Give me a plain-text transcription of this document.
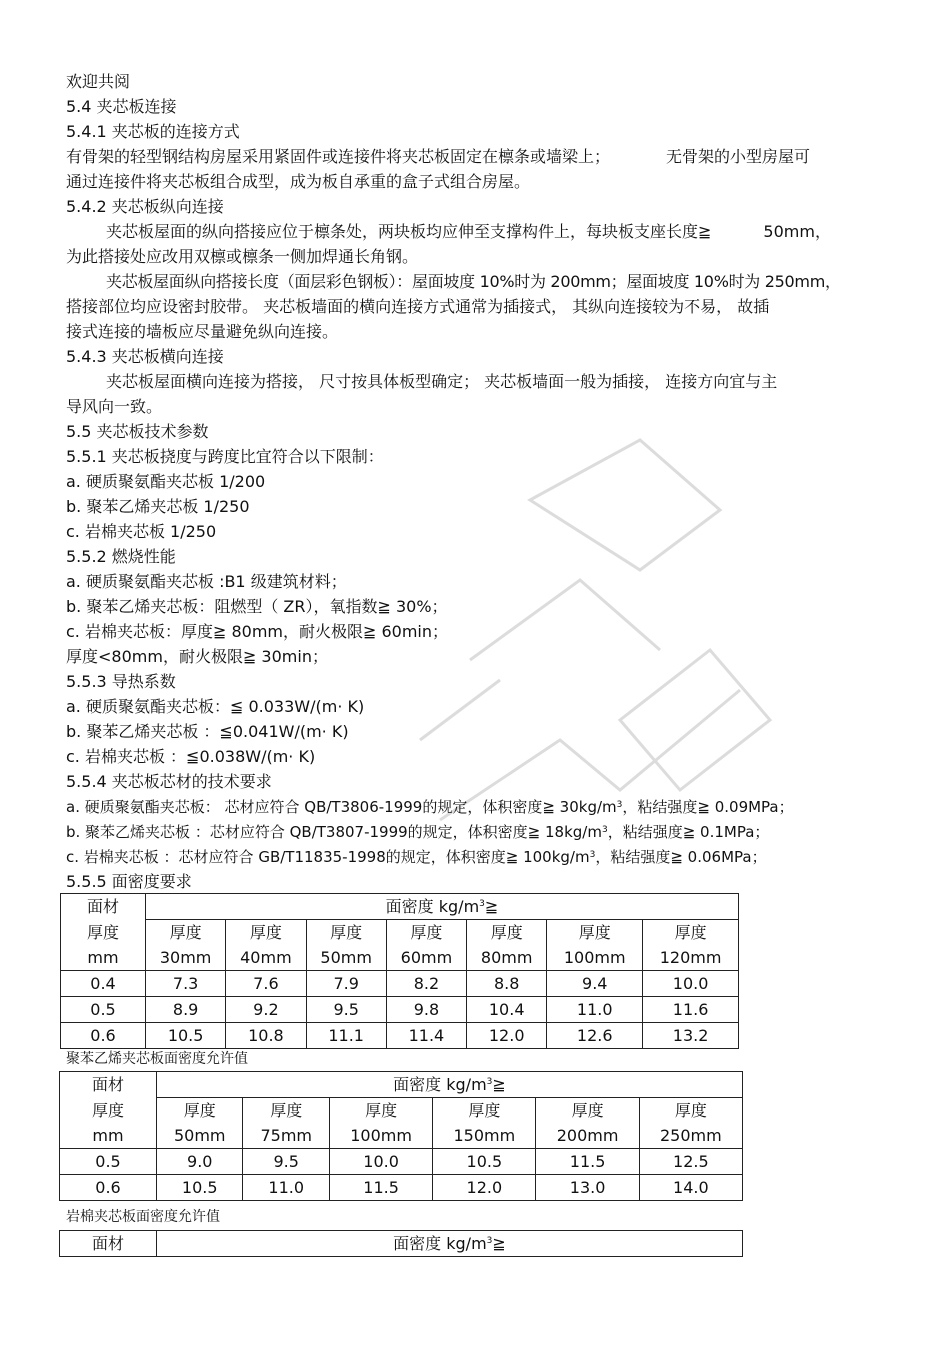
欢迎共阅
5.4 夹芯板连接
5.4.1 夹芯板的连接方式
有骨架的轻型钢结构房屋采用紧固件或连接件将夹芯板固定在檩条或墙梁上；	无骨架的小型房屋可
通过连接件将夹芯板组合成型，成为板自承重的盒子式组合房屋。
5.4.2 夹芯板纵向连接
夹芯板屋面的纵向搭接应位于檩条处，两块板均应伸至支撑构件上，每块板支座长度≧	50mm，
为此搭接处应改用双檩或檩条一侧加焊通长角钢。
夹芯板屋面纵向搭接长度（面层彩色钢板）：屋面坡度 10%时为 200mm；屋面坡度 10%时为 250mm，
搭接部位均应设密封胶带。 夹芯板墙面的横向连接方式通常为插接式， 其纵向连接较为不易， 故插
接式连接的墙板应尽量避免纵向连接。
5.4.3 夹芯板横向连接
夹芯板屋面横向连接为搭接， 尺寸按具体板型确定； 夹芯板墙面一般为插接， 连接方向宜与主
导风向一致。
5.5 夹芯板技术参数
5.5.1 夹芯板挠度与跨度比宜符合以下限制：
a. 硬质聚氨酯夹芯板 1/200
b. 聚苯乙烯夹芯板 1/250
c. 岩棉夹芯板 1/250
5.5.2 燃烧性能
a. 硬质聚氨酯夹芯板 :B1 级建筑材料；
b. 聚苯乙烯夹芯板：阻燃型（ ZR），氧指数≧ 30%；
c. 岩棉夹芯板：厚度≧ 80mm，耐火极限≧ 60min；
厚度<80mm，耐火极限≧ 30min；
5.5.3 导热系数
a. 硬质聚氨酯夹芯板：≦ 0.033W/(m· K)
b. 聚苯乙烯夹芯板 ：≦0.041W/(m· K)
c. 岩棉夹芯板 ：≦0.038W/(m· K)
5.5.4 夹芯板芯材的技术要求
a. 硬质聚氨酯夹芯板： 芯材应符合 QB/T3806-1999的规定，体积密度≧ $30kg/m^3$，粘结强度≧ 0.09MPa；
b. 聚苯乙烯夹芯板 ：芯材应符合 QB/T3807-1999的规定，体积密度≧ $18kg/m^3$，粘结强度≧ 0.1MPa；
c. 岩棉夹芯板 ：芯材应符合 GB/T11835-1998的规定，体积密度≧ $100kg/m^3$，粘结强度≧ 0.06MPa；
5.5.5 面密度要求
面材	面密度 $kg/m^3≧$						
厚度	厚度	厚度	厚度	厚度	厚度	厚度	厚度
mm	30mm	40mm	50mm	60mm	80mm	100mm	120mm
0.4	7.3	7.6	7.9	8.2	8.8	9.4	10.0
0.5	8.9	9.2	9.5	9.8	10.4	11.0	11.6
0.6	10.5	10.8	11.1	11.4	12.0	12.6	13.2
聚苯乙烯夹芯板面密度允许值
面材	面密度 $kg/m^3≧$					
厚度	厚度	厚度	厚度	厚度	厚度	厚度
mm	50mm	75mm	100mm	150mm	200mm	250mm
0.5	9.0	9.5	10.0	10.5	11.5	12.5
0.6	10.5	11.0	11.5	12.0	13.0	14.0
岩棉夹芯板面密度允许值
面材	面密度 $kg/m^3≧$
